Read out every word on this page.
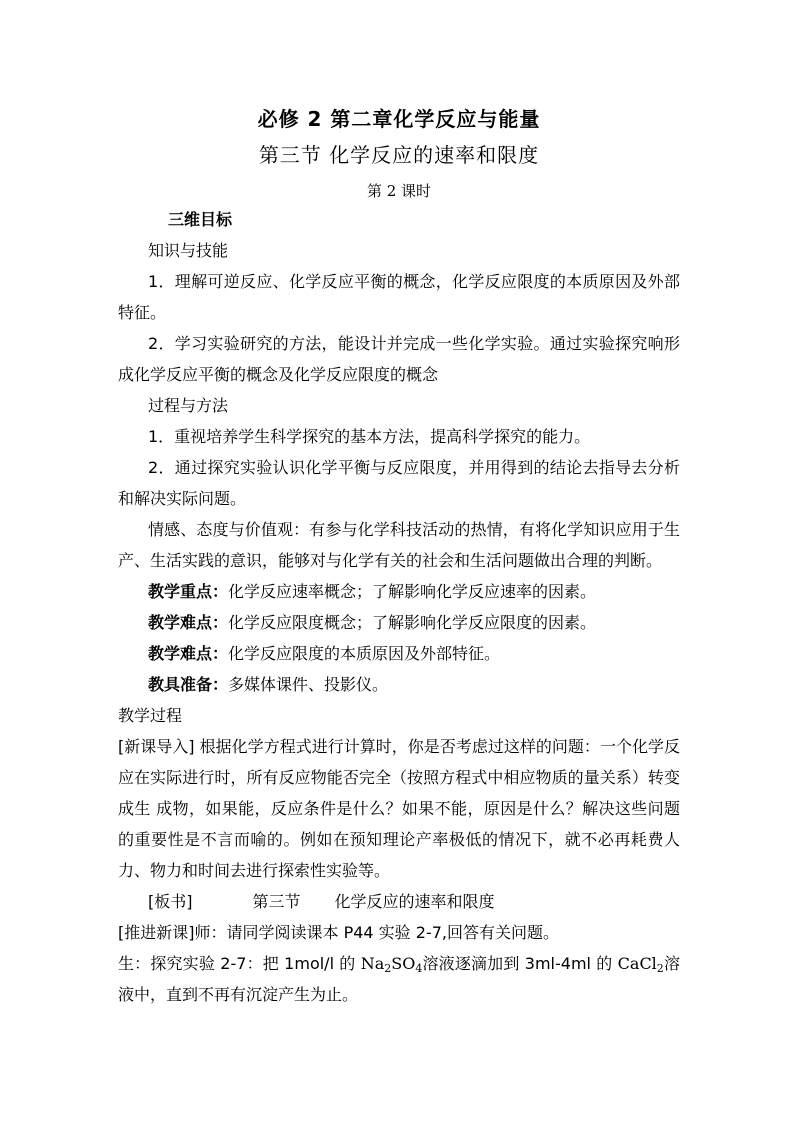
必修 2 第二章化学反应与能量

第三节 化学反应的速率和限度

第 2 课时

三维目标

知识与技能

1．理解可逆反应、化学反应平衡的概念，化学反应限度的本质原因及外部特征。

2．学习实验研究的方法，能设计并完成一些化学实验。通过实验探究响形成化学反应平衡的概念及化学反应限度的概念

过程与方法

1．重视培养学生科学探究的基本方法，提高科学探究的能力。

2．通过探究实验认识化学平衡与反应限度，并用得到的结论去指导去分析和解决实际问题。

情感、态度与价值观：有参与化学科技活动的热情，有将化学知识应用于生产、生活实践的意识，能够对与化学有关的社会和生活问题做出合理的判断。

教学重点：化学反应速率概念；了解影响化学反应速率的因素。

教学难点：化学反应限度概念；了解影响化学反应限度的因素。

教学难点：化学反应限度的本质原因及外部特征。

教具准备：多媒体课件、投影仪。

教学过程

[新课导入] 根据化学方程式进行计算时，你是否考虑过这样的问题：一个化学反应在实际进行时，所有反应物能否完全（按照方程式中相应物质的量关系）转变成生 成物，如果能，反应条件是什么？如果不能，原因是什么？解决这些问题的重要性是不言而喻的。例如在预知理论产率极低的情况下，就不必再耗费人力、物力和时间去进行探索性实验等。

[板书]	第三节 化学反应的速率和限度

[推进新课]师：请同学阅读课本 P44 实验 2-7,回答有关问题。

生：探究实验 2-7：把 1mol/l 的 $Na_2SO_4$溶液逐滴加到 3ml-4ml 的 CaCl$_2$溶液中，直到不再有沉淀产生为止。
